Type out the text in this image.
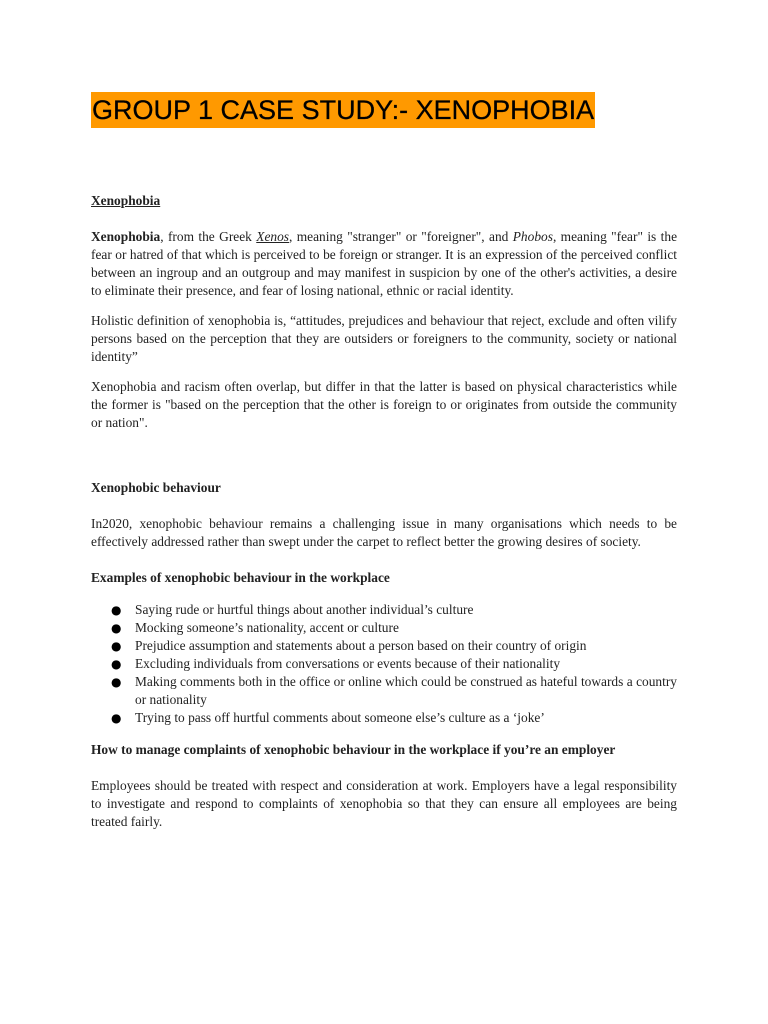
GROUP 1 CASE STUDY:- XENOPHOBIA
Xenophobia

Xenophobia, from the Greek Xenos, meaning "stranger" or "foreigner", and Phobos, meaning "fear" is the fear or hatred of that which is perceived to be foreign or stranger. It is an expression of the perceived conflict between an ingroup and an outgroup and may manifest in suspicion by one of the other's activities, a desire to eliminate their presence, and fear of losing national, ethnic or racial identity.

Holistic definition of xenophobia is, “attitudes, prejudices and behaviour that reject, exclude and often vilify persons based on the perception that they are outsiders or foreigners to the community, society or national identity”

Xenophobia and racism often overlap, but differ in that the latter is based on physical characteristics while the former is "based on the perception that the other is foreign to or originates from outside the community or nation".

Xenophobic behaviour

In2020, xenophobic behaviour remains a challenging issue in many organisations which needs to be effectively addressed rather than swept under the carpet to reflect better the growing desires of society.

Examples of xenophobic behaviour in the workplace
● Saying rude or hurtful things about another individual’s culture
● Mocking someone’s nationality, accent or culture
● Prejudice assumption and statements about a person based on their country of origin
● Excluding individuals from conversations or events because of their nationality
● Making comments both in the office or online which could be construed as hateful towards a country or nationality
● Trying to pass off hurtful comments about someone else’s culture as a ‘joke’

How to manage complaints of xenophobic behaviour in the workplace if you’re an employer

Employees should be treated with respect and consideration at work. Employers have a legal responsibility to investigate and respond to complaints of xenophobia so that they can ensure all employees are being treated fairly.
